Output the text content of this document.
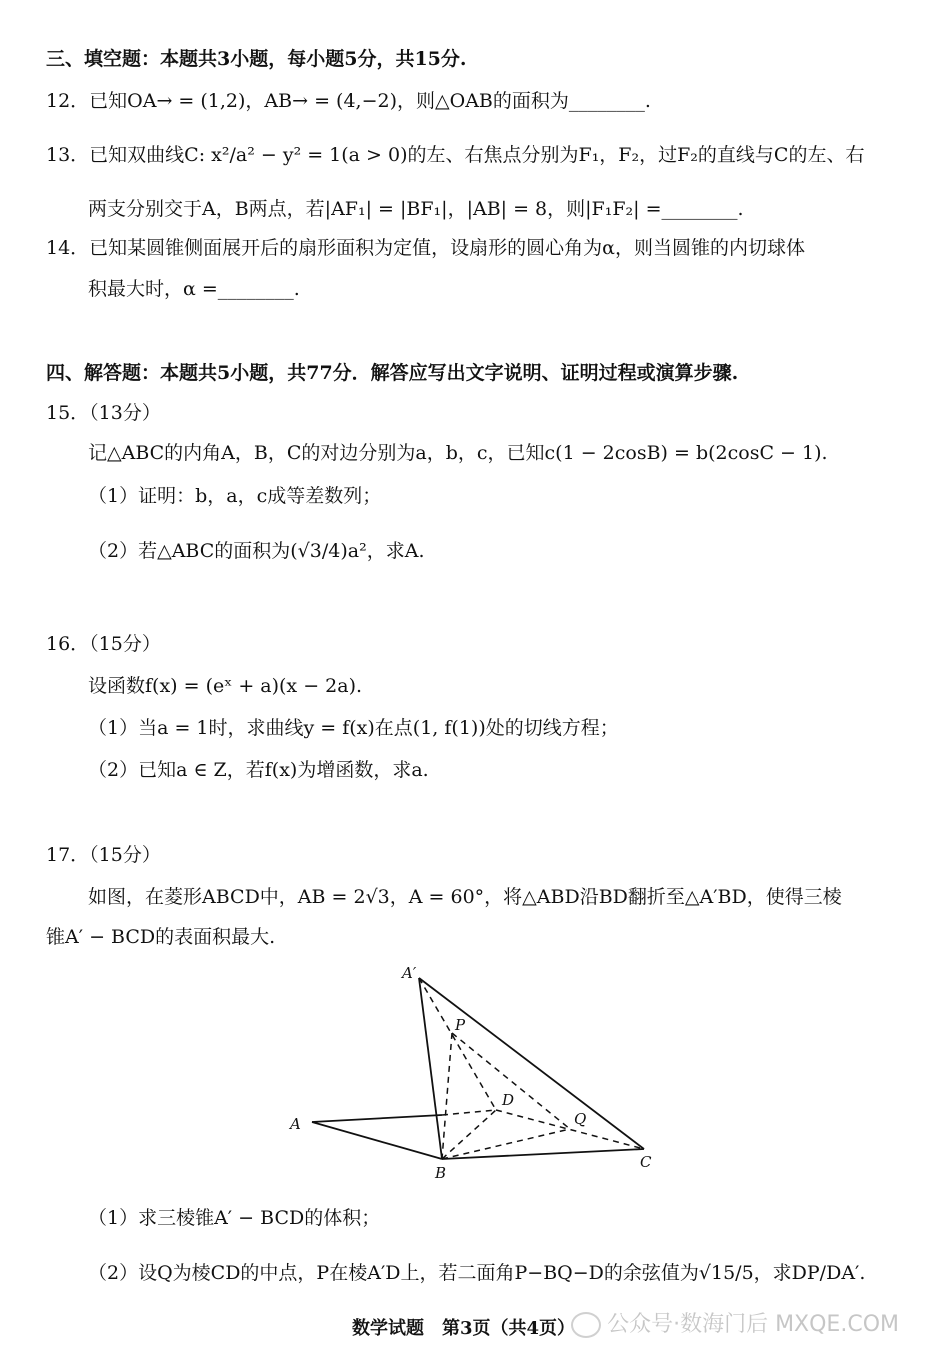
三、填空题：本题共3小题，每小题5分，共15分.
12．已知OA→ = (1,2)，AB→ = (4,−2)，则△OAB的面积为________.
13．已知双曲线C: x²/a² − y² = 1(a > 0)的左、右焦点分别为F₁，F₂，过F₂的直线与C的左、右
两支分别交于A，B两点，若|AF₁| = |BF₁|，|AB| = 8，则|F₁F₂| =________.
14．已知某圆锥侧面展开后的扇形面积为定值，设扇形的圆心角为α，则当圆锥的内切球体
积最大时，α =________.
四、解答题：本题共5小题，共77分．解答应写出文字说明、证明过程或演算步骤.
15．（13分）
记△ABC的内角A，B，C的对边分别为a，b，c，已知c(1 − 2cosB) = b(2cosC − 1).
（1）证明：b，a，c成等差数列；
（2）若△ABC的面积为(√3/4)a²，求A.
16．（15分）
设函数f(x) = (eˣ + a)(x − 2a).
（1）当a = 1时，求曲线y = f(x)在点(1, f(1))处的切线方程；
（2）已知a ∈ Z，若f(x)为增函数，求a.
17．（15分）
如图，在菱形ABCD中，AB = 2√3，A = 60°，将△ABD沿BD翻折至△A′BD，使得三棱
锥A′ − BCD的表面积最大.
A′
P
D
Q
A
B
C
（1）求三棱锥A′ − BCD的体积；
（2）设Q为棱CD的中点，P在棱A′D上，若二面角P−BQ−D的余弦值为√15/5，求DP/DA′.
数学试题　第3页（共4页）	公众号·数海门后 MXQE.COM
